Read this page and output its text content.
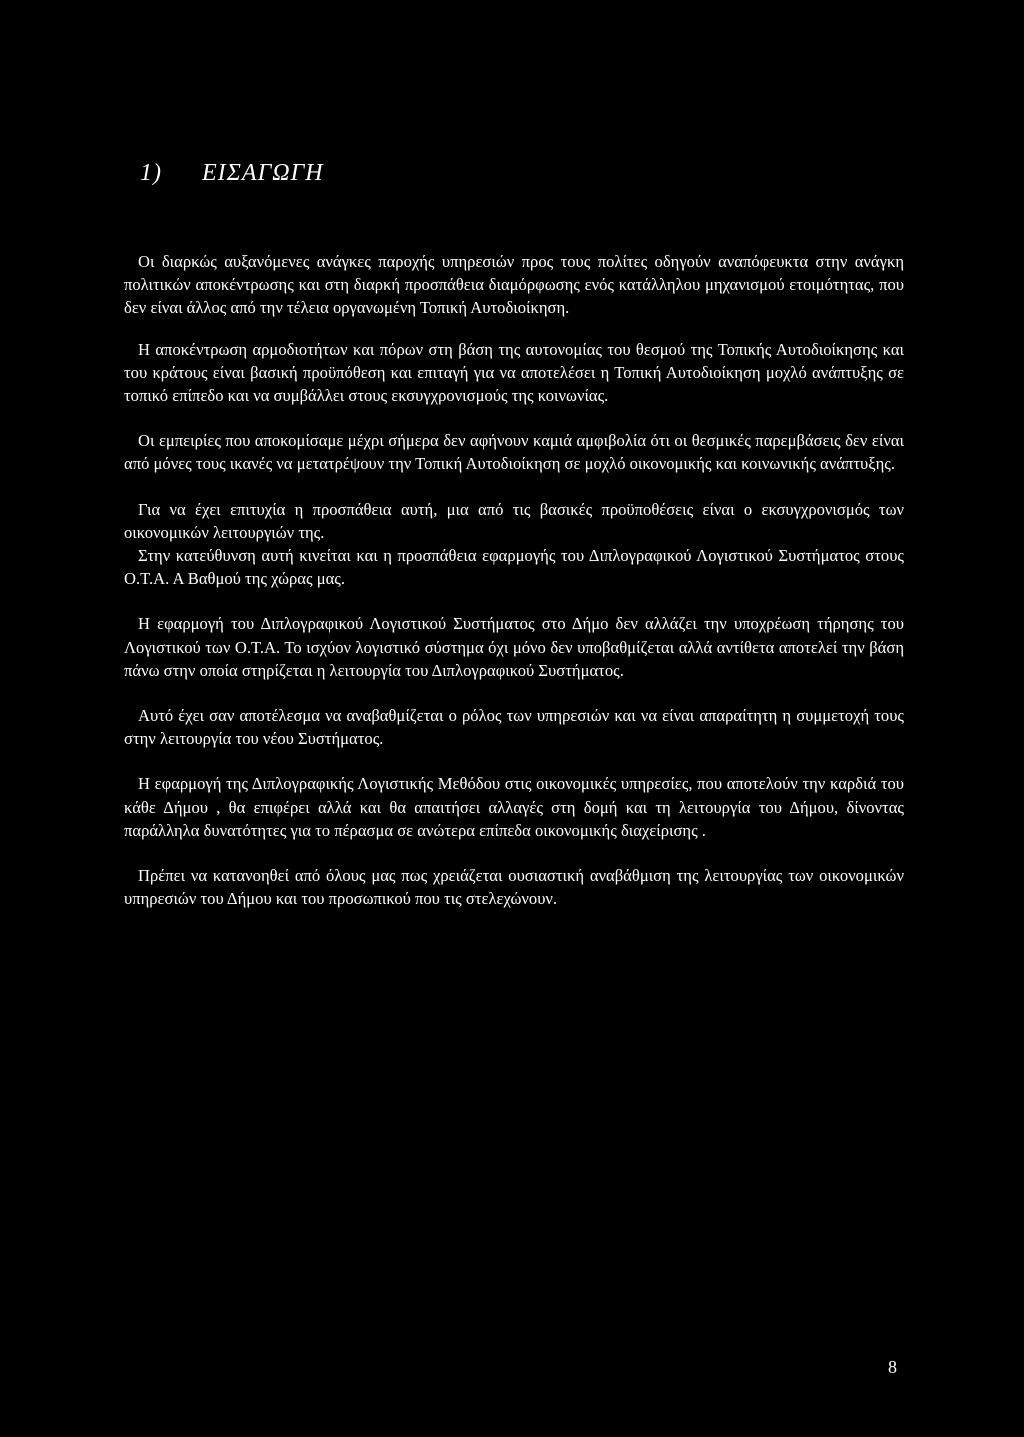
1) ΕΙΣΑΓΩΓΗ

Οι διαρκώς αυξανόμενες ανάγκες παροχής υπηρεσιών προς τους πολίτες οδηγούν αναπόφευκτα στην ανάγκη πολιτικών αποκέντρωσης και στη διαρκή προσπάθεια διαμόρφωσης ενός κατάλληλου μηχανισμού ετοιμότητας, που δεν είναι άλλος από την τέλεια οργανωμένη Τοπική Αυτοδιοίκηση.

Η αποκέντρωση αρμοδιοτήτων και πόρων στη βάση της αυτονομίας του θεσμού της Τοπικής Αυτοδιοίκησης και του κράτους είναι βασική προϋπόθεση και επιταγή για να αποτελέσει η Τοπική Αυτοδιοίκηση μοχλό ανάπτυξης σε τοπικό επίπεδο και να συμβάλλει στους εκσυγχρονισμούς της κοινωνίας.

Οι εμπειρίες που αποκομίσαμε μέχρι σήμερα δεν αφήνουν καμιά αμφιβολία ότι οι θεσμικές παρεμβάσεις δεν είναι από μόνες τους ικανές να μετατρέψουν την Τοπική Αυτοδιοίκηση σε μοχλό οικονομικής και κοινωνικής ανάπτυξης.

Για να έχει επιτυχία η προσπάθεια αυτή, μια από τις βασικές προϋποθέσεις είναι ο εκσυγχρονισμός των οικονομικών λειτουργιών της.

Στην κατεύθυνση αυτή κινείται και η προσπάθεια εφαρμογής του Διπλογραφικού Λογιστικού Συστήματος στους Ο.Τ.Α. Α Βαθμού της χώρας μας.

Η εφαρμογή του Διπλογραφικού Λογιστικού Συστήματος στο Δήμο δεν αλλάζει την υποχρέωση τήρησης του Λογιστικού των Ο.Τ.Α. Το ισχύον λογιστικό σύστημα όχι μόνο δεν υποβαθμίζεται αλλά αντίθετα αποτελεί την βάση πάνω στην οποία στηρίζεται η λειτουργία του Διπλογραφικού Συστήματος.

Αυτό έχει σαν αποτέλεσμα να αναβαθμίζεται ο ρόλος των υπηρεσιών και να είναι απαραίτητη η συμμετοχή τους στην λειτουργία του νέου Συστήματος.

Η εφαρμογή της Διπλογραφικής Λογιστικής Μεθόδου στις οικονομικές υπηρεσίες, που αποτελούν την καρδιά του κάθε Δήμου , θα επιφέρει αλλά και θα απαιτήσει αλλαγές στη δομή και τη λειτουργία του Δήμου, δίνοντας παράλληλα δυνατότητες για το πέρασμα σε ανώτερα επίπεδα οικονομικής διαχείρισης .

Πρέπει να κατανοηθεί από όλους μας πως χρειάζεται ουσιαστική αναβάθμιση της λειτουργίας των οικονομικών υπηρεσιών του Δήμου και του προσωπικού που τις στελεχώνουν.

8
